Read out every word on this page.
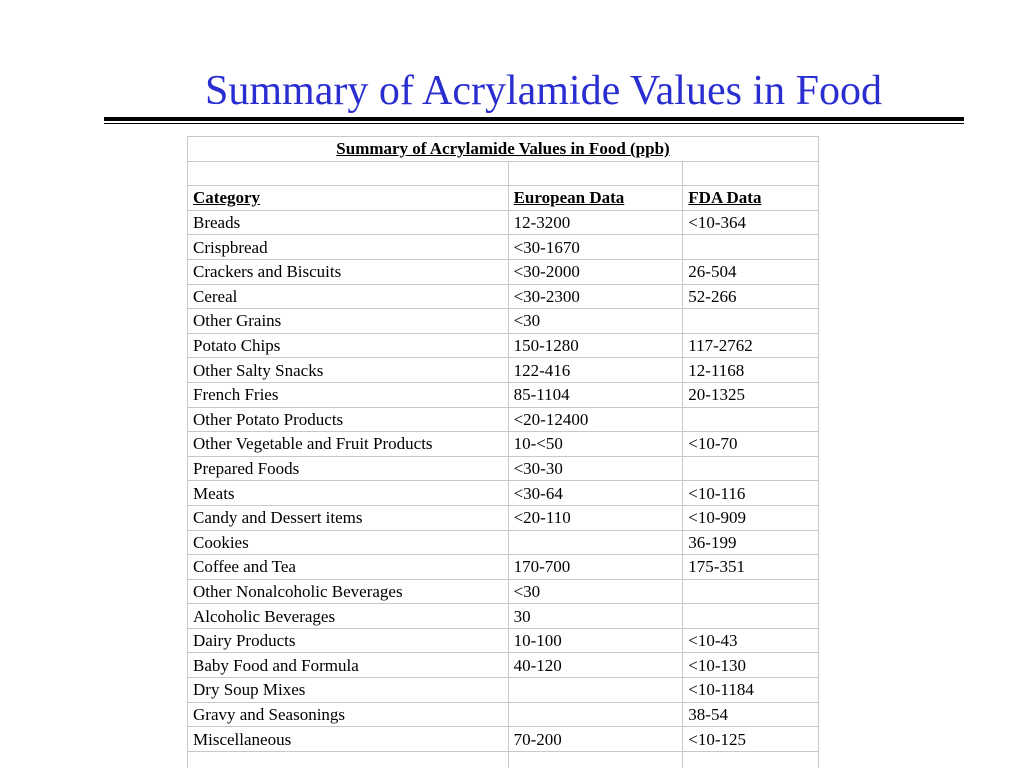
Summary of Acrylamide Values in Food
Summary of Acrylamide Values in Food (ppb)		

Category	European Data	FDA Data
Breads	12-3200	<10-364
Crispbread	<30-1670	
Crackers and Biscuits	<30-2000	26-504
Cereal	<30-2300	52-266
Other Grains	<30	
Potato Chips	150-1280	117-2762
Other Salty Snacks	122-416	12-1168
French Fries	85-1104	20-1325
Other Potato Products	<20-12400	
Other Vegetable and Fruit Products	10-<50	<10-70
Prepared Foods	<30-30	
Meats	<30-64	<10-116
Candy and Dessert items	<20-110	<10-909
Cookies		36-199
Coffee and Tea	170-700	175-351
Other Nonalcoholic Beverages	<30	
Alcoholic Beverages	30	
Dairy Products	10-100	<10-43
Baby Food and Formula	40-120	<10-130
Dry Soup Mixes		<10-1184
Gravy and Seasonings		38-54
Miscellaneous	70-200	<10-125
